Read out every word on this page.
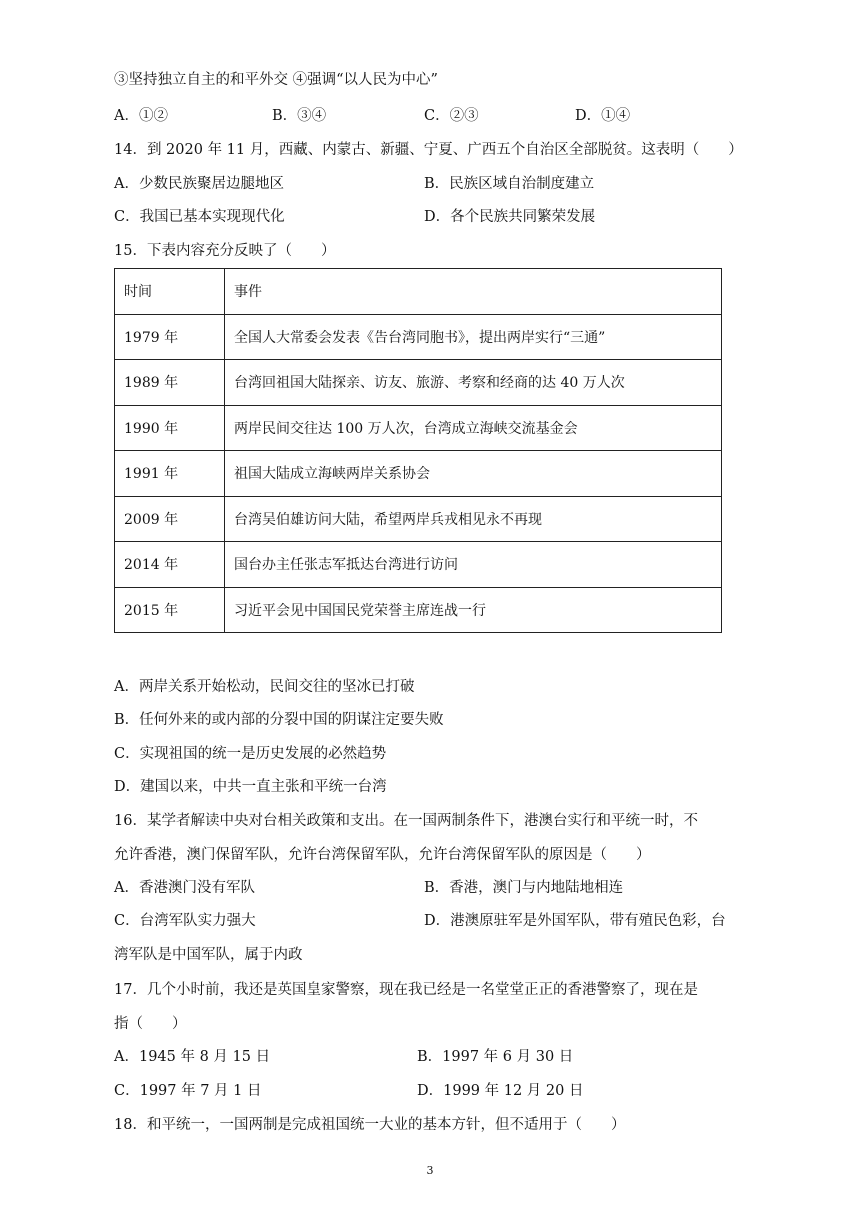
③坚持独立自主的和平外交 ④强调“以人民为中心”
A．①②	B．③④	C．②③	D．①④
14．到 2020 年 11 月，西藏、内蒙古、新疆、宁夏、广西五个自治区全部脱贫。这表明（　　）
A．少数民族聚居边腿地区	B．民族区域自治制度建立
C．我国已基本实现现代化	D．各个民族共同繁荣发展
15．下表内容充分反映了（　　）
时间	事件
1979 年	全国人大常委会发表《告台湾同胞书》，提出两岸实行“三通”
1989 年	台湾回祖国大陆探亲、访友、旅游、考察和经商的达 40 万人次
1990 年	两岸民间交往达 100 万人次，台湾成立海峡交流基金会
1991 年	祖国大陆成立海峡两岸关系协会
2009 年	台湾吴伯雄访问大陆，希望两岸兵戎相见永不再现
2014 年	国台办主任张志军抵达台湾进行访问
2015 年	习近平会见中国国民党荣誉主席连战一行
A．两岸关系开始松动，民间交往的坚冰已打破
B．任何外来的或内部的分裂中国的阴谋注定要失败
C．实现祖国的统一是历史发展的必然趋势
D．建国以来，中共一直主张和平统一台湾
16．某学者解读中央对台相关政策和支出。在一国两制条件下，港澳台实行和平统一时，不
允许香港，澳门保留军队，允许台湾保留军队，允许台湾保留军队的原因是（　　）
A．香港澳门没有军队	B．香港，澳门与内地陆地相连
C．台湾军队实力强大	D．港澳原驻军是外国军队，带有殖民色彩，台
湾军队是中国军队，属于内政
17．几个小时前，我还是英国皇家警察，现在我已经是一名堂堂正正的香港警察了，现在是
指（　　）
A．1945 年 8 月 15 日	B．1997 年 6 月 30 日
C．1997 年 7 月 1 日	D．1999 年 12 月 20 日
18．和平统一，一国两制是完成祖国统一大业的基本方针，但不适用于（　　）
3
